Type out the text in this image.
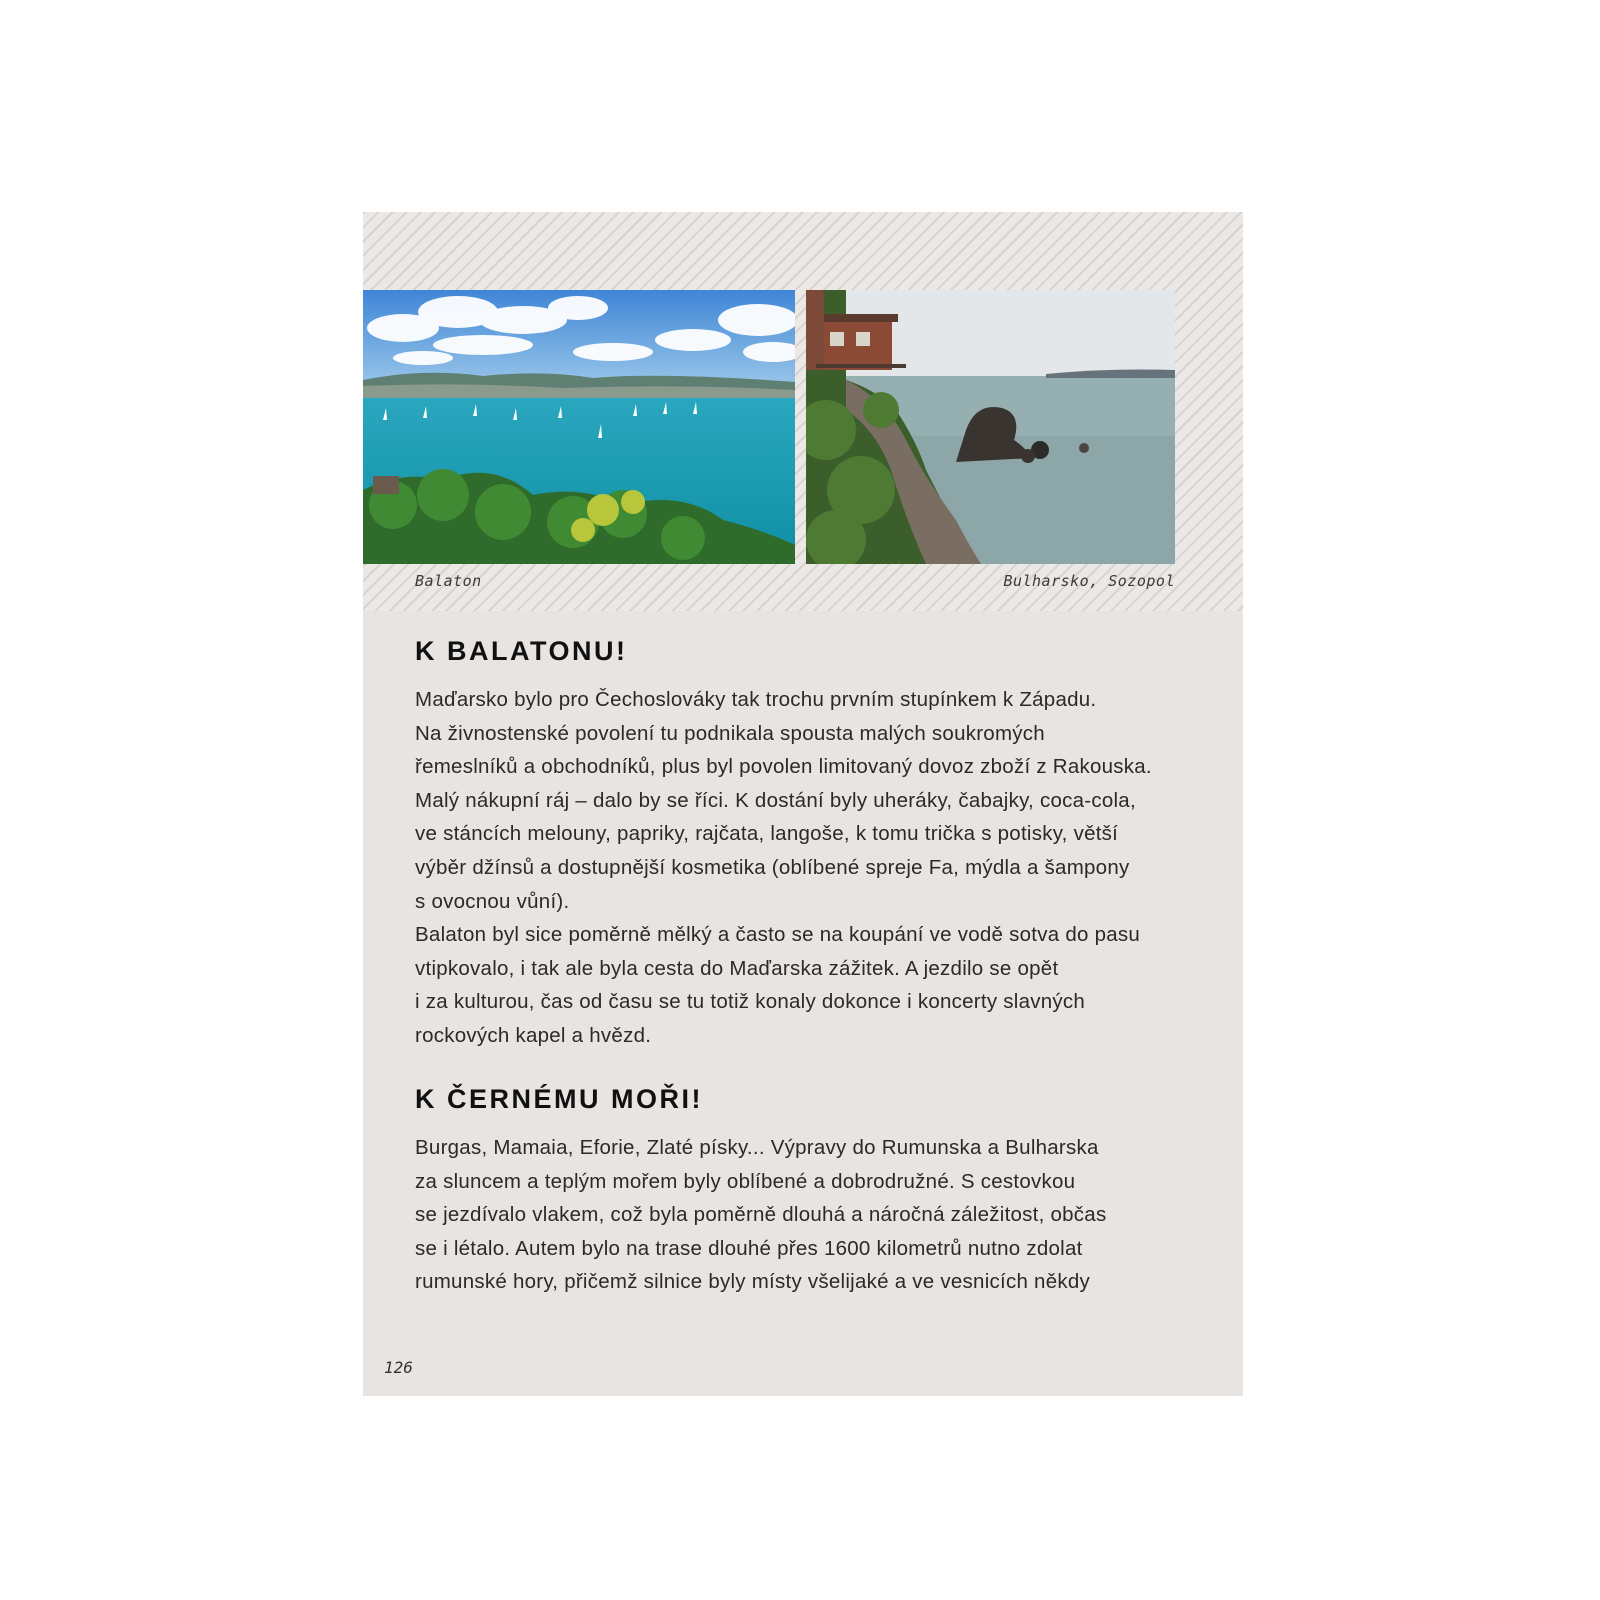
Balaton	Bulharsko, Sozopol
K BALATONU!

Maďarsko bylo pro Čechoslováky tak trochu prvním stupínkem k Západu.
Na živnostenské povolení tu podnikala spousta malých soukromých
řemeslníků a obchodníků, plus byl povolen limitovaný dovoz zboží z Rakouska.
Malý nákupní ráj – dalo by se říci. K dostání byly uheráky, čabajky, coca-cola,
ve stáncích melouny, papriky, rajčata, langoše, k tomu trička s potisky, větší
výběr džínsů a dostupnější kosmetika (oblíbené spreje Fa, mýdla a šampony
s ovocnou vůní).
Balaton byl sice poměrně mělký a často se na koupání ve vodě sotva do pasu
vtipkovalo, i tak ale byla cesta do Maďarska zážitek. A jezdilo se opět
i za kulturou, čas od času se tu totiž konaly dokonce i koncerty slavných
rockových kapel a hvězd.

K ČERNÉMU MOŘI!

Burgas, Mamaia, Eforie, Zlaté písky... Výpravy do Rumunska a Bulharska
za sluncem a teplým mořem byly oblíbené a dobrodružné. S cestovkou
se jezdívalo vlakem, což byla poměrně dlouhá a náročná záležitost, občas
se i létalo. Autem bylo na trase dlouhé přes 1600 kilometrů nutno zdolat
rumunské hory, přičemž silnice byly místy všelijaké a ve vesnicích někdy

126
